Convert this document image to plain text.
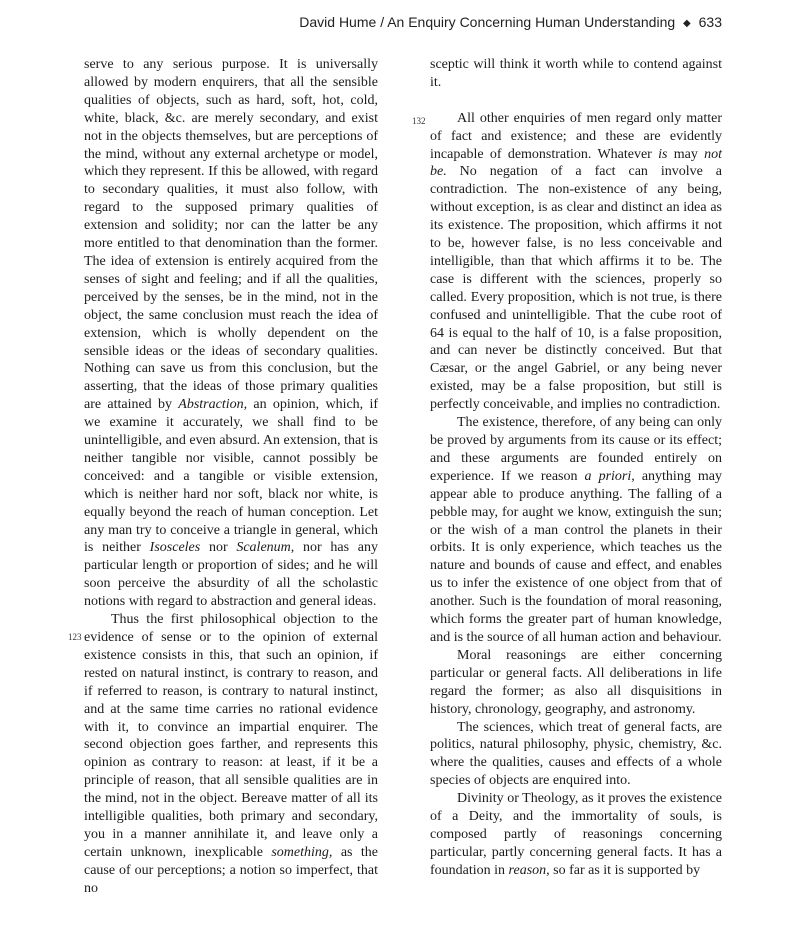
David Hume / An Enquiry Concerning Human Understanding ◆ 633
123
132

serve to any serious purpose. It is universally allowed by modern enquirers, that all the sensible qualities of objects, such as hard, soft, hot, cold, white, black, &c. are merely secondary, and exist not in the objects themselves, but are perceptions of the mind, without any external archetype or model, which they represent. If this be allowed, with regard to secondary qualities, it must also follow, with regard to the supposed primary qualities of extension and solidity; nor can the latter be any more entitled to that denomination than the former. The idea of extension is entirely acquired from the senses of sight and feeling; and if all the qualities, perceived by the senses, be in the mind, not in the object, the same conclusion must reach the idea of extension, which is wholly dependent on the sensible ideas or the ideas of secondary qualities. Nothing can save us from this conclusion, but the asserting, that the ideas of those primary qualities are attained by Abstraction, an opinion, which, if we examine it accurately, we shall find to be unintelligible, and even absurd. An extension, that is neither tangible nor visible, cannot possibly be conceived: and a tangible or visible extension, which is neither hard nor soft, black nor white, is equally beyond the reach of human conception. Let any man try to conceive a triangle in general, which is neither Isosceles nor Scalenum, nor has any particular length or proportion of sides; and he will soon perceive the absurdity of all the scholastic notions with regard to abstraction and general ideas.

Thus the first philosophical objection to the evidence of sense or to the opinion of external existence consists in this, that such an opinion, if rested on natural instinct, is contrary to reason, and if referred to reason, is contrary to natural instinct, and at the same time carries no rational evidence with it, to convince an impartial enquirer. The second objection goes farther, and represents this opinion as contrary to reason: at least, if it be a principle of reason, that all sensible qualities are in the mind, not in the object. Bereave matter of all its intelligible qualities, both primary and secondary, you in a manner annihilate it, and leave only a certain unknown, inexplicable something, as the cause of our perceptions; a notion so imperfect, that no

sceptic will think it worth while to contend against it.

All other enquiries of men regard only matter of fact and existence; and these are evidently incapable of demonstration. Whatever is may not be. No negation of a fact can involve a contradiction. The non-existence of any being, without exception, is as clear and distinct an idea as its existence. The proposition, which affirms it not to be, however false, is no less conceivable and intelligible, than that which affirms it to be. The case is different with the sciences, properly so called. Every proposition, which is not true, is there confused and unintelligible. That the cube root of 64 is equal to the half of 10, is a false proposition, and can never be distinctly conceived. But that Cæsar, or the angel Gabriel, or any being never existed, may be a false proposition, but still is perfectly conceivable, and implies no contradiction.

The existence, therefore, of any being can only be proved by arguments from its cause or its effect; and these arguments are founded entirely on experience. If we reason a priori, anything may appear able to produce anything. The falling of a pebble may, for aught we know, extinguish the sun; or the wish of a man control the planets in their orbits. It is only experience, which teaches us the nature and bounds of cause and effect, and enables us to infer the existence of one object from that of another. Such is the foundation of moral reasoning, which forms the greater part of human knowledge, and is the source of all human action and behaviour.

Moral reasonings are either concerning particular or general facts. All deliberations in life regard the former; as also all disquisitions in history, chronology, geography, and astronomy.

The sciences, which treat of general facts, are politics, natural philosophy, physic, chemistry, &c. where the qualities, causes and effects of a whole species of objects are enquired into.

Divinity or Theology, as it proves the existence of a Deity, and the immortality of souls, is composed partly of reasonings concerning particular, partly concerning general facts. It has a foundation in reason, so far as it is supported by
